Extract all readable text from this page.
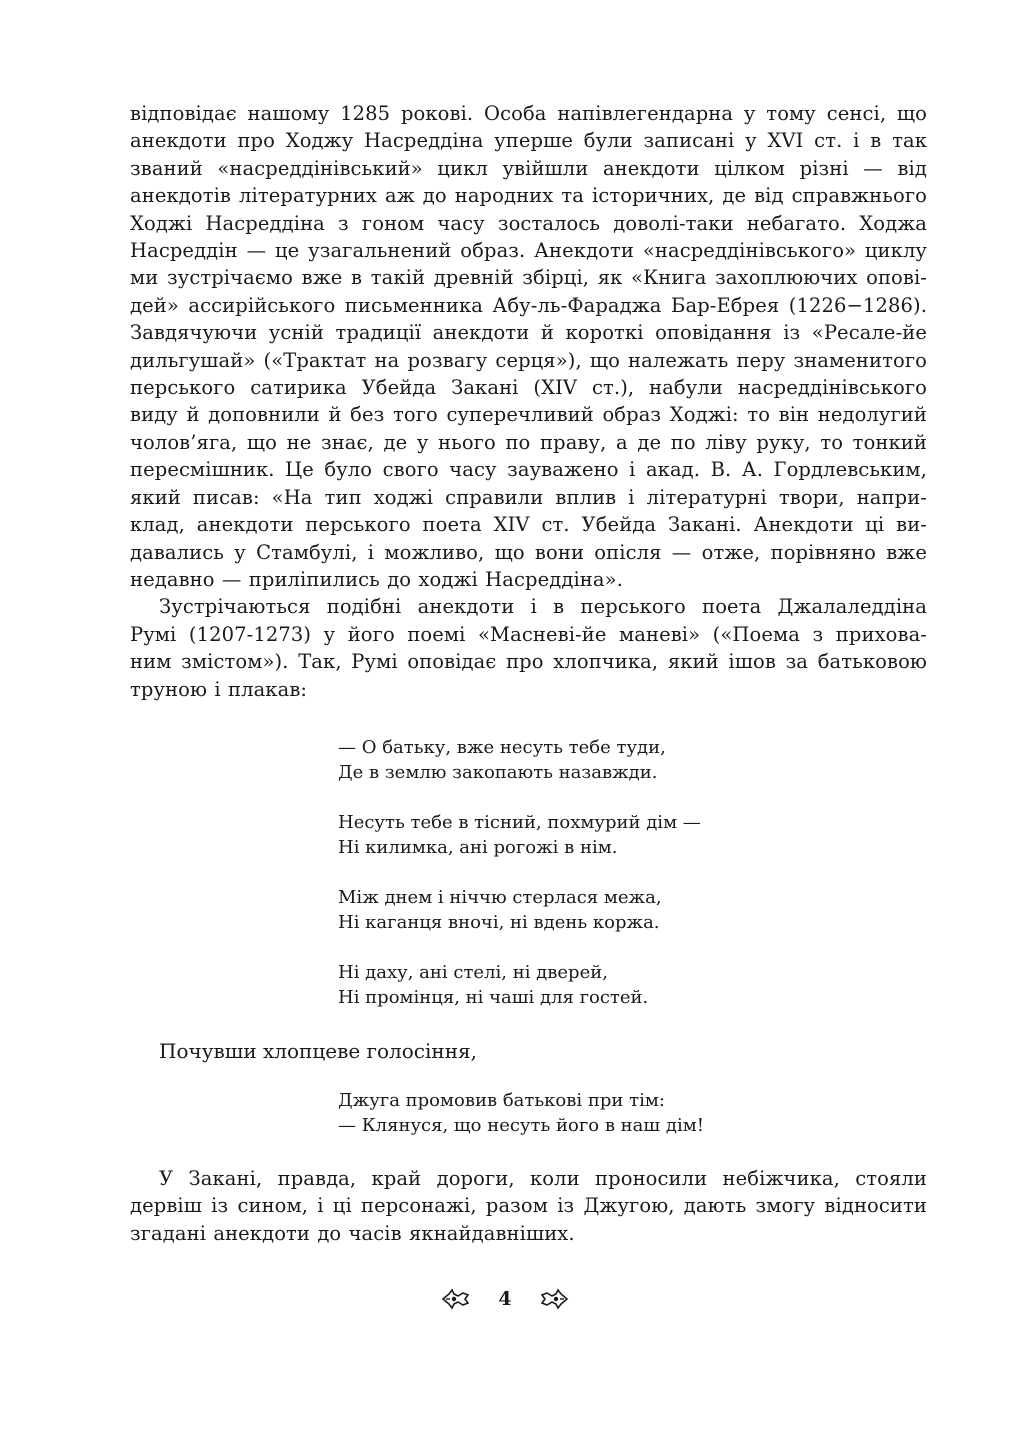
відповідає нашому 1285 рокові. Особа напівлегендарна у тому сенсі, що
анекдоти про Ходжу Насреддіна уперше були записані у XVI ст. і в так
званий «насреддінівський» цикл увійшли анекдоти цілком різні — від
анекдотів літературних аж до народних та історичних, де від справжнього
Ходжі Насреддіна з гоном часу зосталось доволі-таки небагато. Ходжа
Насреддін — це узагальнений образ. Анекдоти «насреддінівського» циклу
ми зустрічаємо вже в такій древній збірці, як «Книга захоплюючих опові-
дей» ассирійського письменника Абу-ль-Фараджа Бар-Ебрея (1226−1286).
Завдячуючи усній традиції анекдоти й короткі оповідання із «Ресале-йе
дильгушай» («Трактат на розвагу серця»), що належать перу знаменитого
перського сатирика Убейда Закані (XIV ст.), набули насреддінівського
виду й доповнили й без того суперечливий образ Ходжі: то він недолугий
чолов’яга, що не знає, де у нього по праву, а де по ліву руку, то тонкий
пересмішник. Це було свого часу зауважено і акад. В. А. Гордлевським,
який писав: «На тип ходжі справили вплив і літературні твори, напри-
клад, анекдоти перського поета XIV ст. Убейда Закані. Анекдоти ці ви-
давались у Стамбулі, і можливо, що вони опісля — отже, порівняно вже
недавно — приліпились до ходжі Насреддіна».

Зустрічаються подібні анекдоти і в перського поета Джалаледдіна
Румі (1207-1273) у його поемі «Масневі-йе маневі» («Поема з прихова-
ним змістом»). Так, Румі оповідає про хлопчика, який ішов за батьковою
труною і плакав:

— О батьку, вже несуть тебе туди,
Де в землю закопають назавжди.
Несуть тебе в тісний, похмурий дім —
Ні килимка, ані рогожі в нім.
Між днем і ніччю стерлася межа,
Ні каганця вночі, ні вдень коржа.
Ні даху, ані стелі, ні дверей,
Ні промінця, ні чаші для гостей.
Почувши хлопцеве голосіння,
Джуга промовив батькові при тім:
— Клянуся, що несуть його в наш дім!

У Закані, правда, край дороги, коли проносили небіжчика, стояли
дервіш із сином, і ці персонажі, разом із Джугою, дають змогу відносити
згадані анекдоти до часів якнайдавніших.

4
